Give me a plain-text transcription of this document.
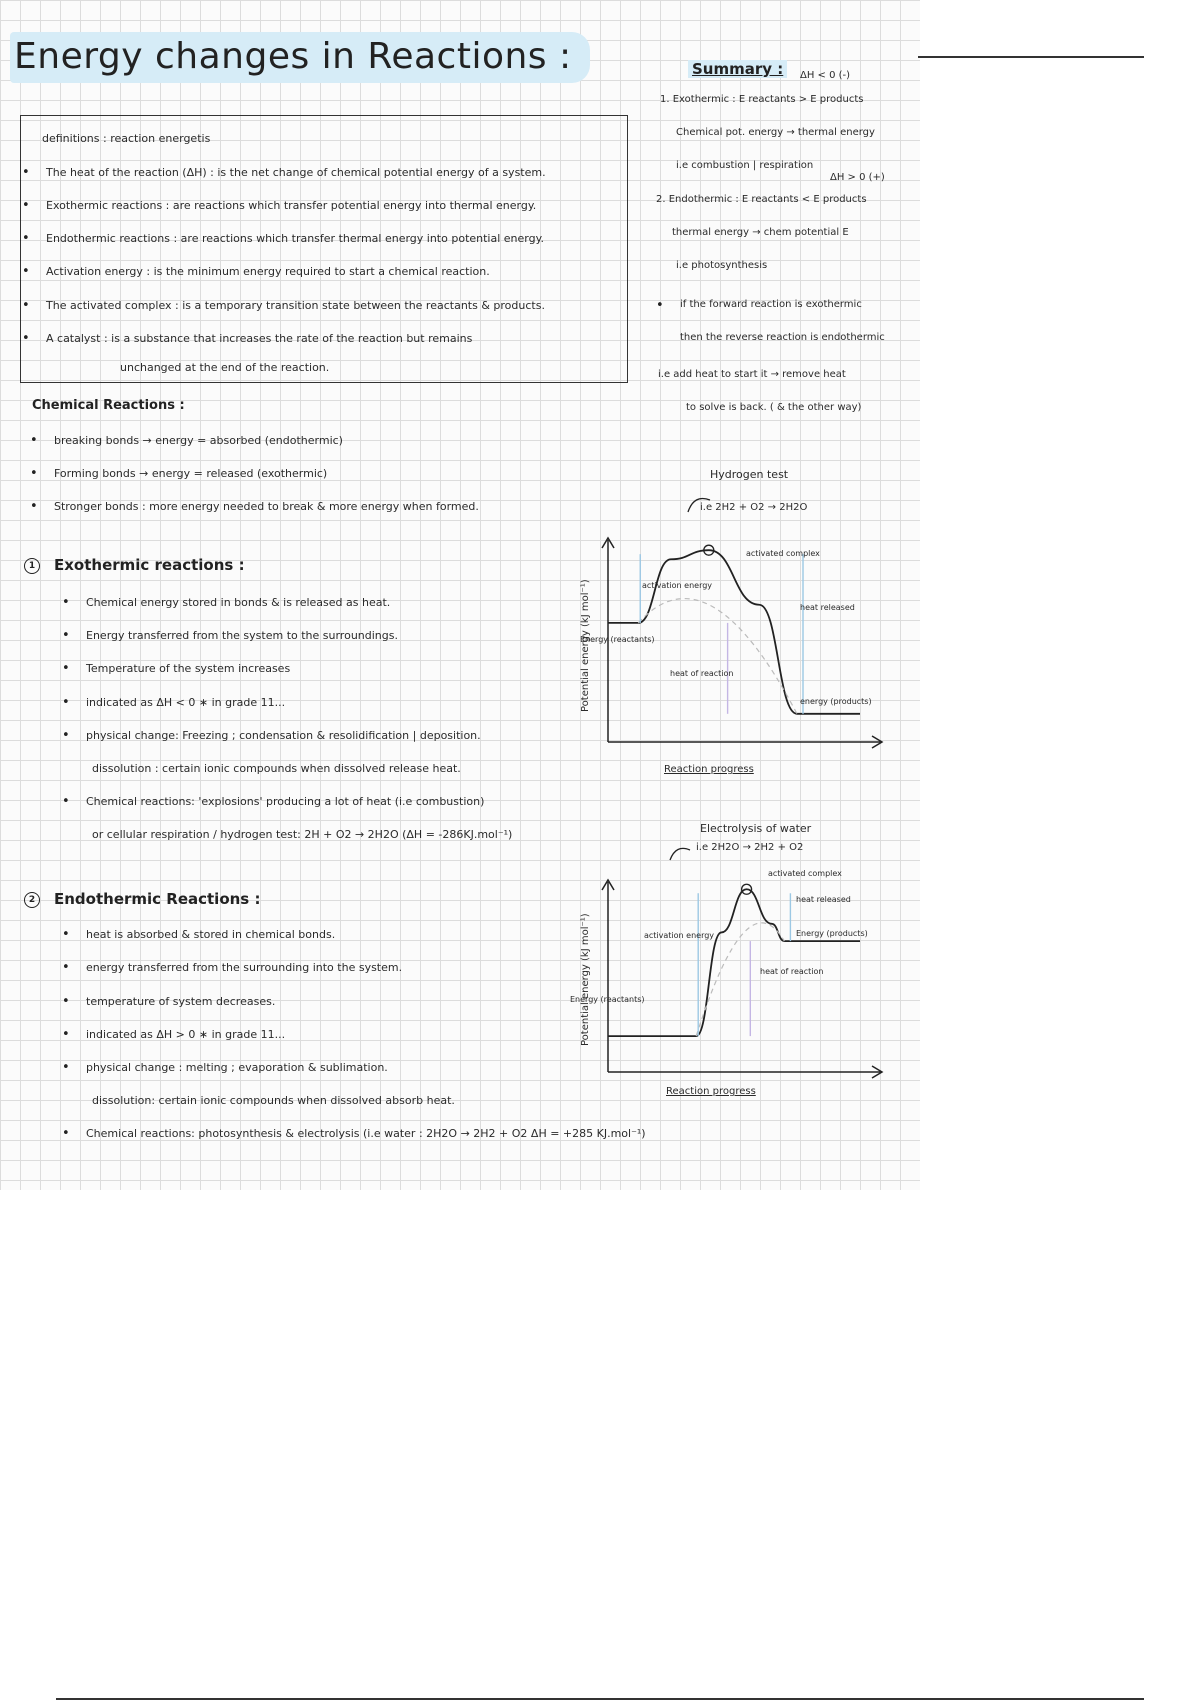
Energy changes in Reactions :
definitions : reaction energetis
• The heat of the reaction (ΔH) : is the net change of chemical potential energy of a system.
• Exothermic reactions : are reactions which transfer potential energy into thermal energy.
• Endothermic reactions : are reactions which transfer thermal energy into potential energy.
• Activation energy : is the minimum energy required to start a chemical reaction.
• The activated complex : is a temporary transition state between the reactants & products.
• A catalyst : is a substance that increases the rate of the reaction but remains
unchanged at the end of the reaction.
Chemical Reactions :
• breaking bonds → energy = absorbed (endothermic)
• Forming bonds → energy = released (exothermic)
• Stronger bonds : more energy needed to break & more energy when formed.
1 Exothermic reactions :
• Chemical energy stored in bonds & is released as heat.
• Energy transferred from the system to the surroundings.
• Temperature of the system increases
• indicated as ΔH < 0 ∗ in grade 11...
• physical change: Freezing ; condensation & resolidification | deposition.
dissolution : certain ionic compounds when dissolved release heat.
• Chemical reactions: 'explosions' producing a lot of heat (i.e combustion)
or cellular respiration / hydrogen test: 2H + O2 → 2H2O (ΔH = -286KJ.mol⁻¹)
2 Endothermic Reactions :
• heat is absorbed & stored in chemical bonds.
• energy transferred from the surrounding into the system.
• temperature of system decreases.
• indicated as ΔH > 0 ∗ in grade 11...
• physical change : melting ; evaporation & sublimation.
dissolution: certain ionic compounds when dissolved absorb heat.
• Chemical reactions: photosynthesis & electrolysis (i.e water : 2H2O → 2H2 + O2 ΔH = +285 KJ.mol⁻¹)
Summary :	ΔH < 0 (-)
1. Exothermic : E reactants > E products
Chemical pot. energy → thermal energy
i.e combustion | respiration
ΔH > 0 (+)
2. Endothermic : E reactants < E products
thermal energy → chem potential E
i.e photosynthesis
• if the forward reaction is exothermic
then the reverse reaction is endothermic
i.e add heat to start it → remove heat
to solve is back. ( & the other way)
Hydrogen test
i.e 2H2 + O2 → 2H2O
Potential energy (kJ mol⁻¹)
Reaction progress
activated complex
activation energy
Energy (reactants)
heat of reaction
heat released
energy (products)
Electrolysis of water
i.e 2H2O → 2H2 + O2
Potential energy (kJ mol⁻¹)
Reaction progress
activated complex
activation energy
Energy (reactants)
heat of reaction
heat released
Energy (products)
